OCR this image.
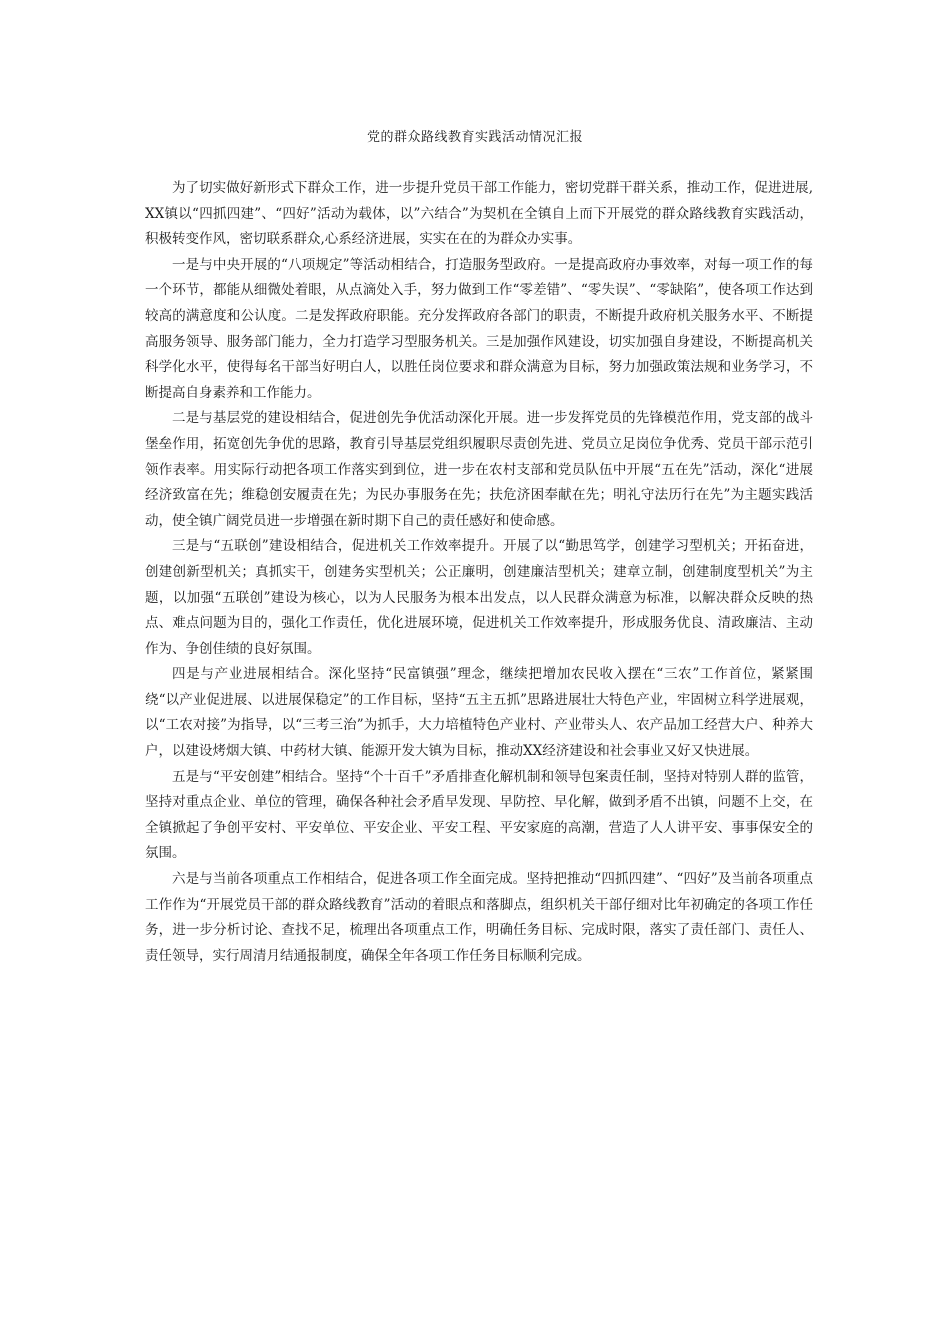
党的群众路线教育实践活动情况汇报

为了切实做好新形式下群众工作，进一步提升党员干部工作能力，密切党群干群关系，推动工作，促进进展,XX镇以“四抓四建”、“四好”活动为载体，以”六结合”为契机在全镇自上而下开展党的群众路线教育实践活动，积极转变作风，密切联系群众,心系经济进展，实实在在的为群众办实事。

一是与中央开展的“八项规定”等活动相结合，打造服务型政府。一是提高政府办事效率，对每一项工作的每一个环节，都能从细微处着眼，从点滴处入手，努力做到工作“零差错”、“零失误”、“零缺陷”，使各项工作达到较高的满意度和公认度。二是发挥政府职能。充分发挥政府各部门的职责，不断提升政府机关服务水平、不断提高服务领导、服务部门能力，全力打造学习型服务机关。三是加强作风建设，切实加强自身建设，不断提高机关科学化水平，使得每名干部当好明白人，以胜任岗位要求和群众满意为目标，努力加强政策法规和业务学习，不断提高自身素养和工作能力。

二是与基层党的建设相结合，促进创先争优活动深化开展。进一步发挥党员的先锋模范作用，党支部的战斗堡垒作用，拓宽创先争优的思路，教育引导基层党组织履职尽责创先进、党员立足岗位争优秀、党员干部示范引领作表率。用实际行动把各项工作落实到到位，进一步在农村支部和党员队伍中开展“五在先”活动，深化“进展经济致富在先；维稳创安履责在先；为民办事服务在先；扶危济困奉献在先；明礼守法历行在先”为主题实践活动，使全镇广阔党员进一步增强在新时期下自己的责任感好和使命感。

三是与“五联创”建设相结合，促进机关工作效率提升。开展了以“勤思笃学，创建学习型机关；开拓奋进，创建创新型机关；真抓实干，创建务实型机关；公正廉明，创建廉洁型机关；建章立制，创建制度型机关”为主题，以加强“五联创”建设为核心，以为人民服务为根本出发点，以人民群众满意为标准，以解决群众反映的热点、难点问题为目的，强化工作责任，优化进展环境，促进机关工作效率提升，形成服务优良、清政廉洁、主动作为、争创佳绩的良好氛围。

四是与产业进展相结合。深化坚持“民富镇强”理念，继续把增加农民收入摆在“三农”工作首位，紧紧围绕“以产业促进展、以进展保稳定”的工作目标，坚持“五主五抓”思路进展壮大特色产业，牢固树立科学进展观，以“工农对接”为指导，以“三考三治”为抓手，大力培植特色产业村、产业带头人、农产品加工经营大户、种养大户，以建设烤烟大镇、中药材大镇、能源开发大镇为目标，推动XX经济建设和社会事业又好又快进展。

五是与“平安创建”相结合。坚持“个十百千”矛盾排查化解机制和领导包案责任制，坚持对特别人群的监管，坚持对重点企业、单位的管理，确保各种社会矛盾早发现、早防控、早化解，做到矛盾不出镇，问题不上交，在全镇掀起了争创平安村、平安单位、平安企业、平安工程、平安家庭的高潮，营造了人人讲平安、事事保安全的氛围。

六是与当前各项重点工作相结合，促进各项工作全面完成。坚持把推动“四抓四建”、“四好”及当前各项重点工作作为“开展党员干部的群众路线教育”活动的着眼点和落脚点，组织机关干部仔细对比年初确定的各项工作任务，进一步分析讨论、查找不足，梳理出各项重点工作，明确任务目标、完成时限，落实了责任部门、责任人、责任领导，实行周清月结通报制度，确保全年各项工作任务目标顺利完成。
